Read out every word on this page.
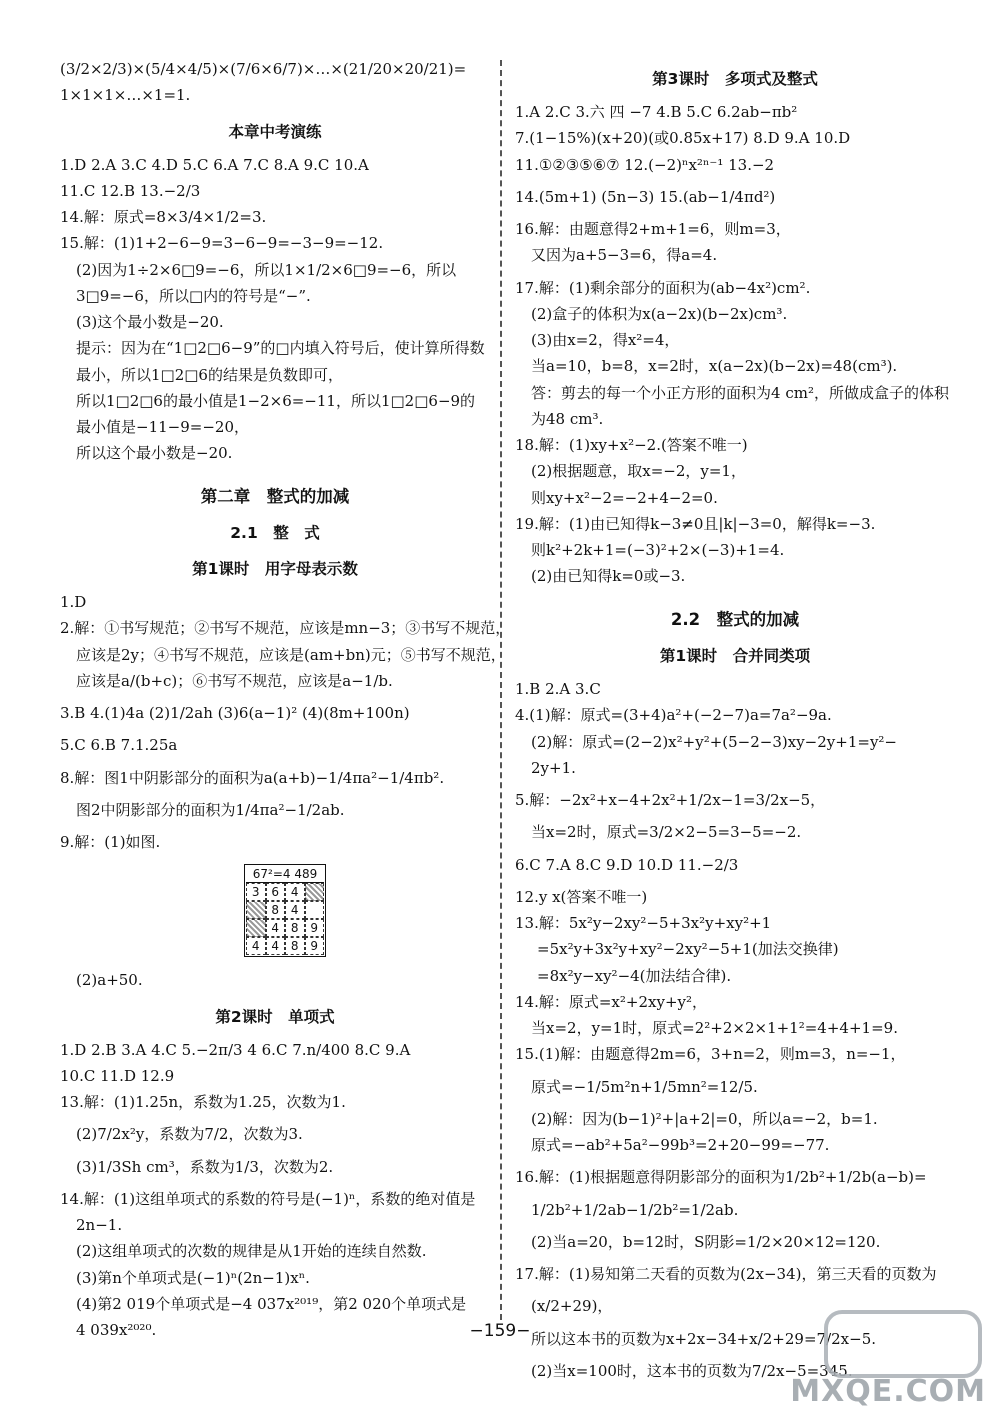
(3/2×2/3)×(5/4×4/5)×(7/6×6/7)×…×(21/20×20/21)=
1×1×1×…×1=1.
本章中考演练
1.D 2.A 3.C 4.D 5.C 6.A 7.C 8.A 9.C 10.A
11.C 12.B 13.−2/3
14.解：原式=8×3/4×1/2=3.
15.解：(1)1+2−6−9=3−6−9=−3−9=−12.
(2)因为1÷2×6□9=−6，所以1×1/2×6□9=−6，所以
3□9=−6，所以□内的符号是“−”.
(3)这个最小数是−20.
提示：因为在“1□2□6−9”的□内填入符号后，使计算所得数
最小，所以1□2□6的结果是负数即可，
所以1□2□6的最小值是1−2×6=−11，所以1□2□6−9的
最小值是−11−9=−20，
所以这个最小数是−20.
第二章　整式的加减
2.1　整　式
第1课时　用字母表示数
1.D
2.解：①书写规范；②书写不规范，应该是mn−3；③书写不规范，
应该是2y；④书写不规范，应该是(am+bn)元；⑤书写不规范，
应该是a/(b+c)；⑥书写不规范，应该是a−1/b.
3.B 4.(1)4a (2)1/2ah (3)6(a−1)² (4)(8m+100n)
5.C 6.B 7.1.25a
8.解：图1中阴影部分的面积为a(a+b)−1/4πa²−1/4πb².
图2中阴影部分的面积为1/4πa²−1/2ab.
9.解：(1)如图.
67²=4 489
3 6 4
8 4
4 8 9
4 4 8 9
(2)a+50.
第2课时　单项式
1.D 2.B 3.A 4.C 5.−2π/3 4 6.C 7.n/400 8.C 9.A
10.C 11.D 12.9
13.解：(1)1.25n，系数为1.25，次数为1.
(2)7/2x²y，系数为7/2，次数为3.
(3)1/3Sh cm³，系数为1/3，次数为2.
14.解：(1)这组单项式的系数的符号是(−1)ⁿ，系数的绝对值是
2n−1.
(2)这组单项式的次数的规律是从1开始的连续自然数.
(3)第n个单项式是(−1)ⁿ(2n−1)xⁿ.
(4)第2 019个单项式是−4 037x²⁰¹⁹，第2 020个单项式是
4 039x²⁰²⁰.
第3课时　多项式及整式
1.A 2.C 3.六 四 −7 4.B 5.C 6.2ab−πb²
7.(1−15%)(x+20)(或0.85x+17) 8.D 9.A 10.D
11.①②③⑤⑥⑦ 12.(−2)ⁿx²ⁿ⁻¹ 13.−2
14.(5m+1) (5n−3) 15.(ab−1/4πd²)
16.解：由题意得2+m+1=6，则m=3，
又因为a+5−3=6，得a=4.
17.解：(1)剩余部分的面积为(ab−4x²)cm².
(2)盒子的体积为x(a−2x)(b−2x)cm³.
(3)由x=2，得x²=4，
当a=10，b=8，x=2时，x(a−2x)(b−2x)=48(cm³).
答：剪去的每一个小正方形的面积为4 cm²，所做成盒子的体积
为48 cm³.
18.解：(1)xy+x²−2.(答案不唯一)
(2)根据题意，取x=−2，y=1，
则xy+x²−2=−2+4−2=0.
19.解：(1)由已知得k−3≠0且|k|−3=0，解得k=−3.
则k²+2k+1=(−3)²+2×(−3)+1=4.
(2)由已知得k=0或−3.
2.2　整式的加减
第1课时　合并同类项
1.B 2.A 3.C
4.(1)解：原式=(3+4)a²+(−2−7)a=7a²−9a.
(2)解：原式=(2−2)x²+y²+(5−2−3)xy−2y+1=y²−
2y+1.
5.解：−2x²+x−4+2x²+1/2x−1=3/2x−5，
当x=2时，原式=3/2×2−5=3−5=−2.
6.C 7.A 8.C 9.D 10.D 11.−2/3
12.y x(答案不唯一)
13.解：5x²y−2xy²−5+3x²y+xy²+1
=5x²y+3x²y+xy²−2xy²−5+1(加法交换律)
=8x²y−xy²−4(加法结合律).
14.解：原式=x²+2xy+y²，
当x=2，y=1时，原式=2²+2×2×1+1²=4+4+1=9.
15.(1)解：由题意得2m=6，3+n=2，则m=3，n=−1，
原式=−1/5m²n+1/5mn²=12/5.
(2)解：因为(b−1)²+|a+2|=0，所以a=−2，b=1.
原式=−ab²+5a²−99b³=2+20−99=−77.
16.解：(1)根据题意得阴影部分的面积为1/2b²+1/2b(a−b)=
1/2b²+1/2ab−1/2b²=1/2ab.
(2)当a=20，b=12时，S阴影=1/2×20×12=120.
17.解：(1)易知第二天看的页数为(2x−34)，第三天看的页数为
(x/2+29)，
所以这本书的页数为x+2x−34+x/2+29=7/2x−5.
(2)当x=100时，这本书的页数为7/2x−5=345.
−159−
MXQE.COM
